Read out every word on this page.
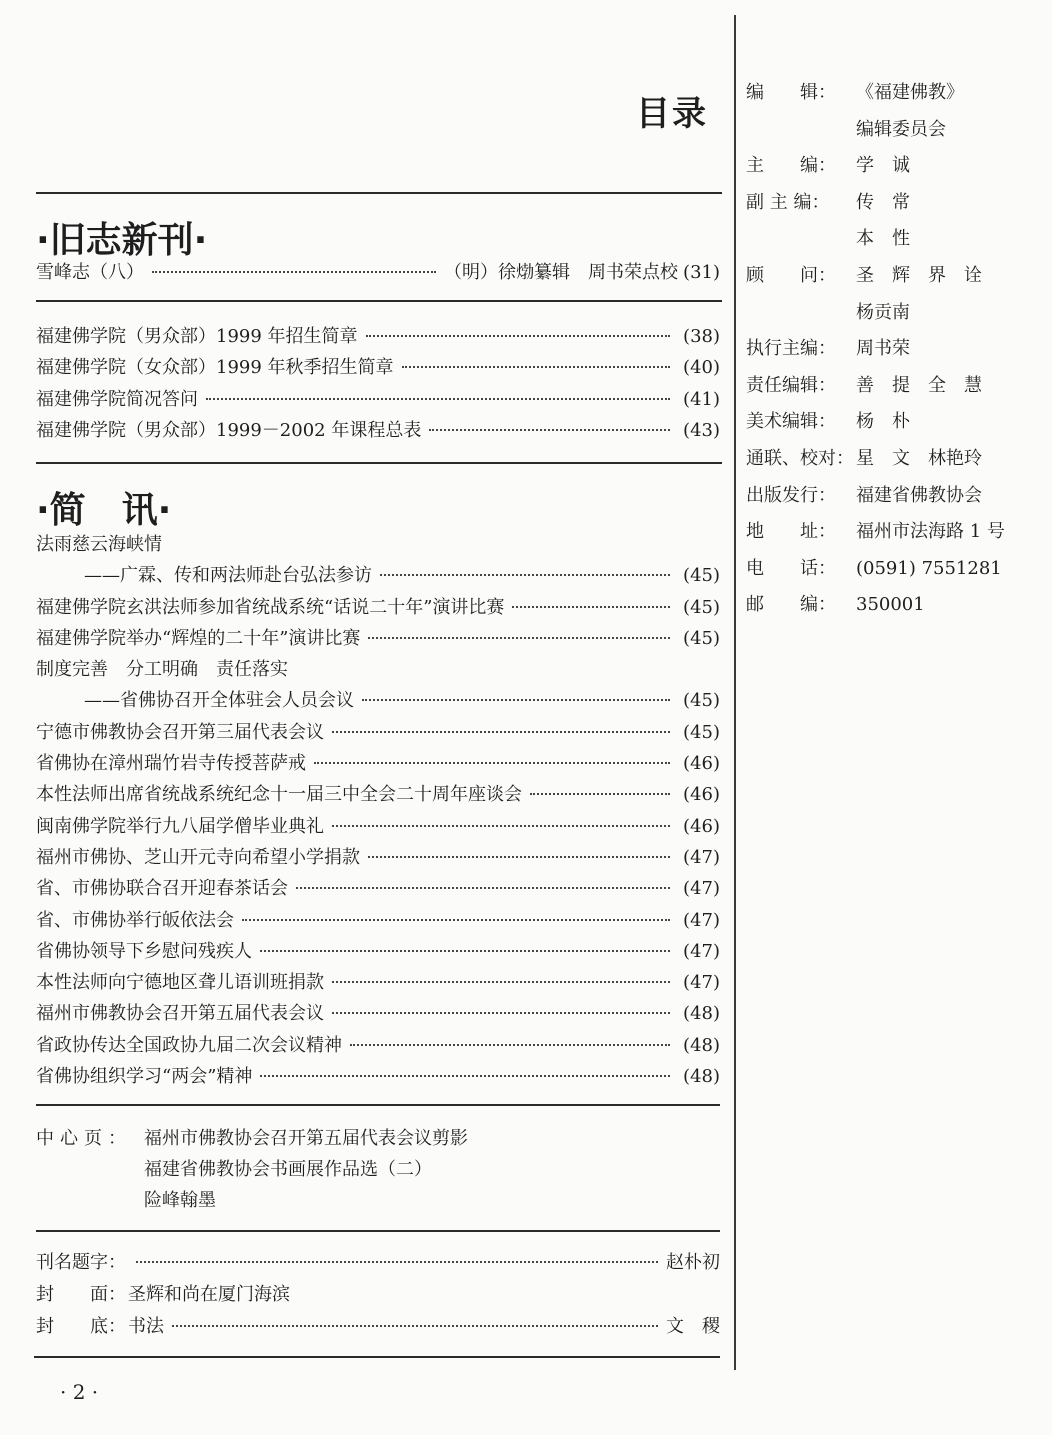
目录
·旧志新刊·
雪峰志（八）	（明）徐𤊹纂辑　周书荣点校 (31)
福建佛学院（男众部）1999 年招生简章	(38)
福建佛学院（女众部）1999 年秋季招生简章	(40)
福建佛学院简况答问	(41)
福建佛学院（男众部）1999－2002 年课程总表	(43)
·简　讯·
法雨慈云海峡情
——广霖、传和两法师赴台弘法参访	(45)
福建佛学院玄洪法师参加省统战系统“话说二十年”演讲比赛	(45)
福建佛学院举办“辉煌的二十年”演讲比赛	(45)
制度完善　分工明确　责任落实
——省佛协召开全体驻会人员会议	(45)
宁德市佛教协会召开第三届代表会议	(45)
省佛协在漳州瑞竹岩寺传授菩萨戒	(46)
本性法师出席省统战系统纪念十一届三中全会二十周年座谈会	(46)
闽南佛学院举行九八届学僧毕业典礼	(46)
福州市佛协、芝山开元寺向希望小学捐款	(47)
省、市佛协联合召开迎春茶话会	(47)
省、市佛协举行皈依法会	(47)
省佛协领导下乡慰问残疾人	(47)
本性法师向宁德地区聋儿语训班捐款	(47)
福州市佛教协会召开第五届代表会议	(48)
省政协传达全国政协九届二次会议精神	(48)
省佛协组织学习“两会”精神	(48)
中心页： 福州市佛教协会召开第五届代表会议剪影
福建省佛教协会书画展作品选（二）
险峰翰墨
刊名题字：	赵朴初
封　　面： 圣辉和尚在厦门海滨
封　　底： 书法	文　稷
· 2 ·
编　　辑：	《福建佛教》
编辑委员会
主　　编：	学　诚
副 主 编：	传　常
本　性
顾　　问：	圣　辉　界　诠
杨贡南
执行主编：	周书荣
责任编辑：	善　提　全　慧
美术编辑：	杨　朴
通联、校对： 星　文　林艳玲
出版发行：	福建省佛教协会
地　　址：	福州市法海路 1 号
电　　话：	(0591) 7551281
邮　　编：	350001
